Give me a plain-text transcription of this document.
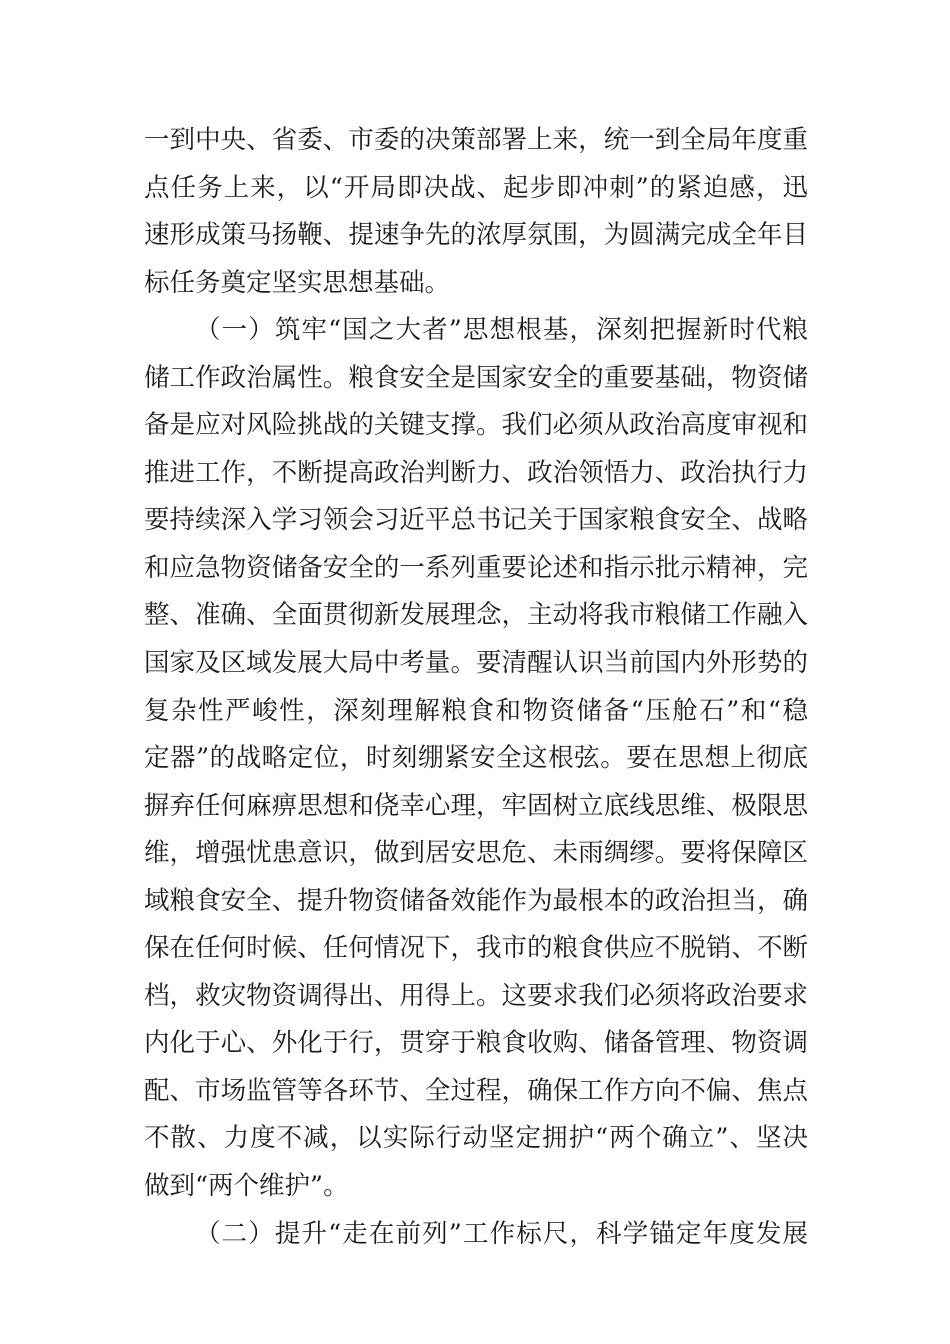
一到中央、省委、市委的决策部署上来，统一到全局年度重
点任务上来，以“开局即决战、起步即冲刺”的紧迫感，迅
速形成策马扬鞭、提速争先的浓厚氛围，为圆满完成全年目
标任务奠定坚实思想基础。
（一）筑牢“国之大者”思想根基，深刻把握新时代粮
储工作政治属性。粮食安全是国家安全的重要基础，物资储
备是应对风险挑战的关键支撑。我们必须从政治高度审视和
推进工作，不断提高政治判断力、政治领悟力、政治执行力
要持续深入学习领会习近平总书记关于国家粮食安全、战略
和应急物资储备安全的一系列重要论述和指示批示精神，完
整、准确、全面贯彻新发展理念，主动将我市粮储工作融入
国家及区域发展大局中考量。要清醒认识当前国内外形势的
复杂性严峻性，深刻理解粮食和物资储备“压舱石”和“稳
定器”的战略定位，时刻绷紧安全这根弦。要在思想上彻底
摒弃任何麻痹思想和侥幸心理，牢固树立底线思维、极限思
维，增强忧患意识，做到居安思危、未雨绸缪。要将保障区
域粮食安全、提升物资储备效能作为最根本的政治担当，确
保在任何时候、任何情况下，我市的粮食供应不脱销、不断
档，救灾物资调得出、用得上。这要求我们必须将政治要求
内化于心、外化于行，贯穿于粮食收购、储备管理、物资调
配、市场监管等各环节、全过程，确保工作方向不偏、焦点
不散、力度不减，以实际行动坚定拥护“两个确立”、坚决
做到“两个维护”。
（二）提升“走在前列”工作标尺，科学锚定年度发展
